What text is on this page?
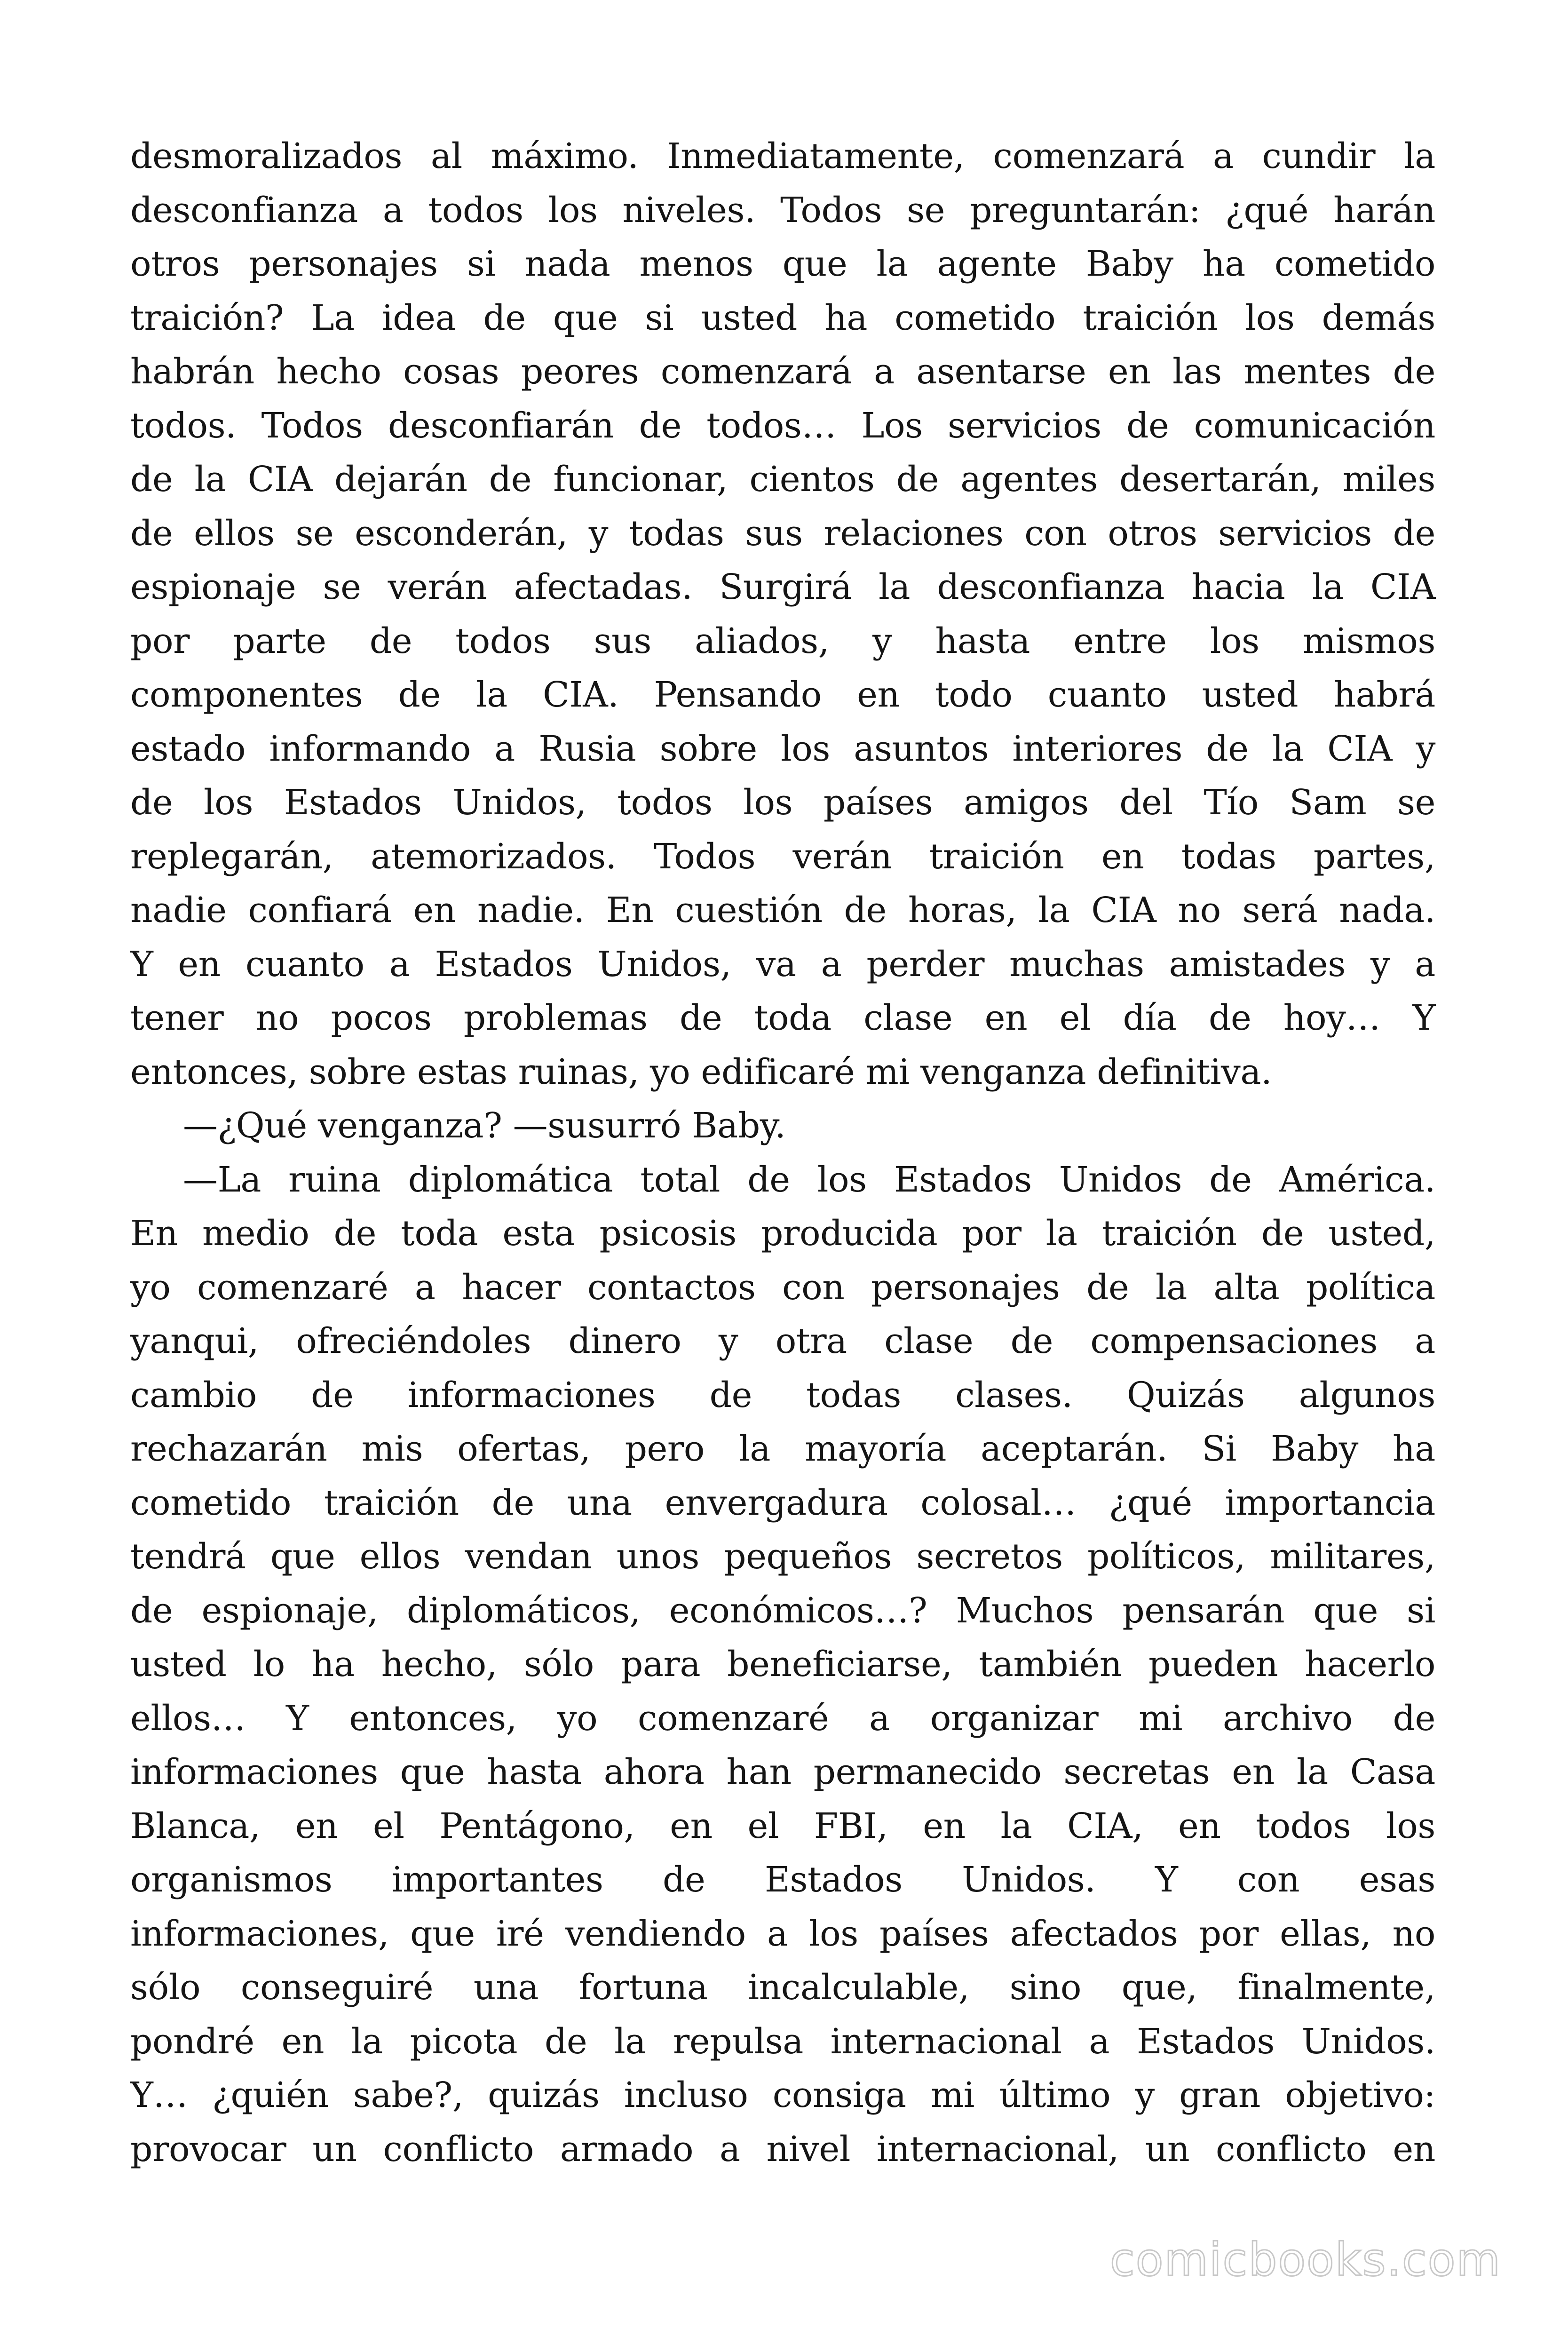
desmoralizados al máximo. Inmediatamente, comenzará a cundir la
desconfianza a todos los niveles. Todos se preguntarán: ¿qué harán
otros personajes si nada menos que la agente Baby ha cometido
traición? La idea de que si usted ha cometido traición los demás
habrán hecho cosas peores comenzará a asentarse en las mentes de
todos. Todos desconfiarán de todos… Los servicios de comunicación
de la CIA dejarán de funcionar, cientos de agentes desertarán, miles
de ellos se esconderán, y todas sus relaciones con otros servicios de
espionaje se verán afectadas. Surgirá la desconfianza hacia la CIA
por parte de todos sus aliados, y hasta entre los mismos
componentes de la CIA. Pensando en todo cuanto usted habrá
estado informando a Rusia sobre los asuntos interiores de la CIA y
de los Estados Unidos, todos los países amigos del Tío Sam se
replegarán, atemorizados. Todos verán traición en todas partes,
nadie confiará en nadie. En cuestión de horas, la CIA no será nada.
Y en cuanto a Estados Unidos, va a perder muchas amistades y a
tener no pocos problemas de toda clase en el día de hoy… Y
entonces, sobre estas ruinas, yo edificaré mi venganza definitiva.
—¿Qué venganza? —susurró Baby.
—La ruina diplomática total de los Estados Unidos de América.
En medio de toda esta psicosis producida por la traición de usted,
yo comenzaré a hacer contactos con personajes de la alta política
yanqui, ofreciéndoles dinero y otra clase de compensaciones a
cambio de informaciones de todas clases. Quizás algunos
rechazarán mis ofertas, pero la mayoría aceptarán. Si Baby ha
cometido traición de una envergadura colosal… ¿qué importancia
tendrá que ellos vendan unos pequeños secretos políticos, militares,
de espionaje, diplomáticos, económicos…? Muchos pensarán que si
usted lo ha hecho, sólo para beneficiarse, también pueden hacerlo
ellos… Y entonces, yo comenzaré a organizar mi archivo de
informaciones que hasta ahora han permanecido secretas en la Casa
Blanca, en el Pentágono, en el FBI, en la CIA, en todos los
organismos importantes de Estados Unidos. Y con esas
informaciones, que iré vendiendo a los países afectados por ellas, no
sólo conseguiré una fortuna incalculable, sino que, finalmente,
pondré en la picota de la repulsa internacional a Estados Unidos.
Y… ¿quién sabe?, quizás incluso consiga mi último y gran objetivo:
provocar un conflicto armado a nivel internacional, un conflicto en
comicbooks.com
